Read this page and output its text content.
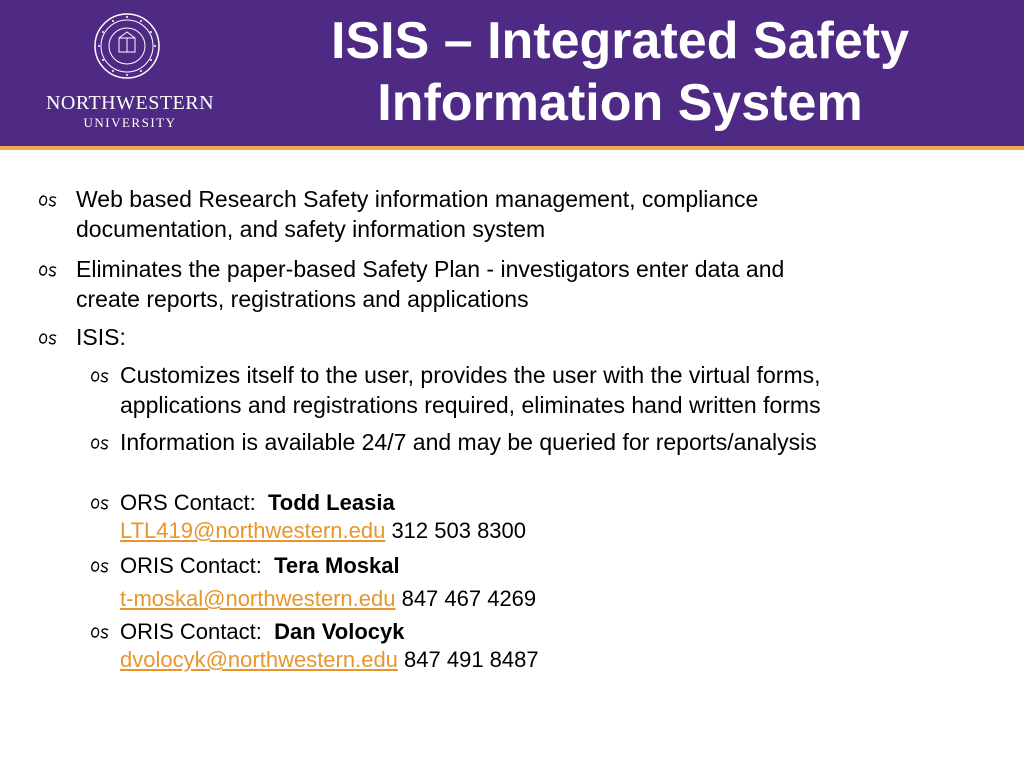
NORTHWESTERN
UNIVERSITY
ISIS – Integrated Safety
Information System
Web based Research Safety information management, compliance
documentation, and safety information system
Eliminates the paper-based Safety Plan - investigators enter data and
create reports, registrations and applications
ISIS:
Customizes itself to the user, provides the user with the virtual forms,
applications and registrations required, eliminates hand written forms
Information is available 24/7 and may be queried for reports/analysis
ORS Contact: Todd Leasia
LTL419@northwestern.edu 312 503 8300
ORIS Contact: Tera Moskal
t-moskal@northwestern.edu 847 467 4269
ORIS Contact: Dan Volocyk
dvolocyk@northwestern.edu 847 491 8487
